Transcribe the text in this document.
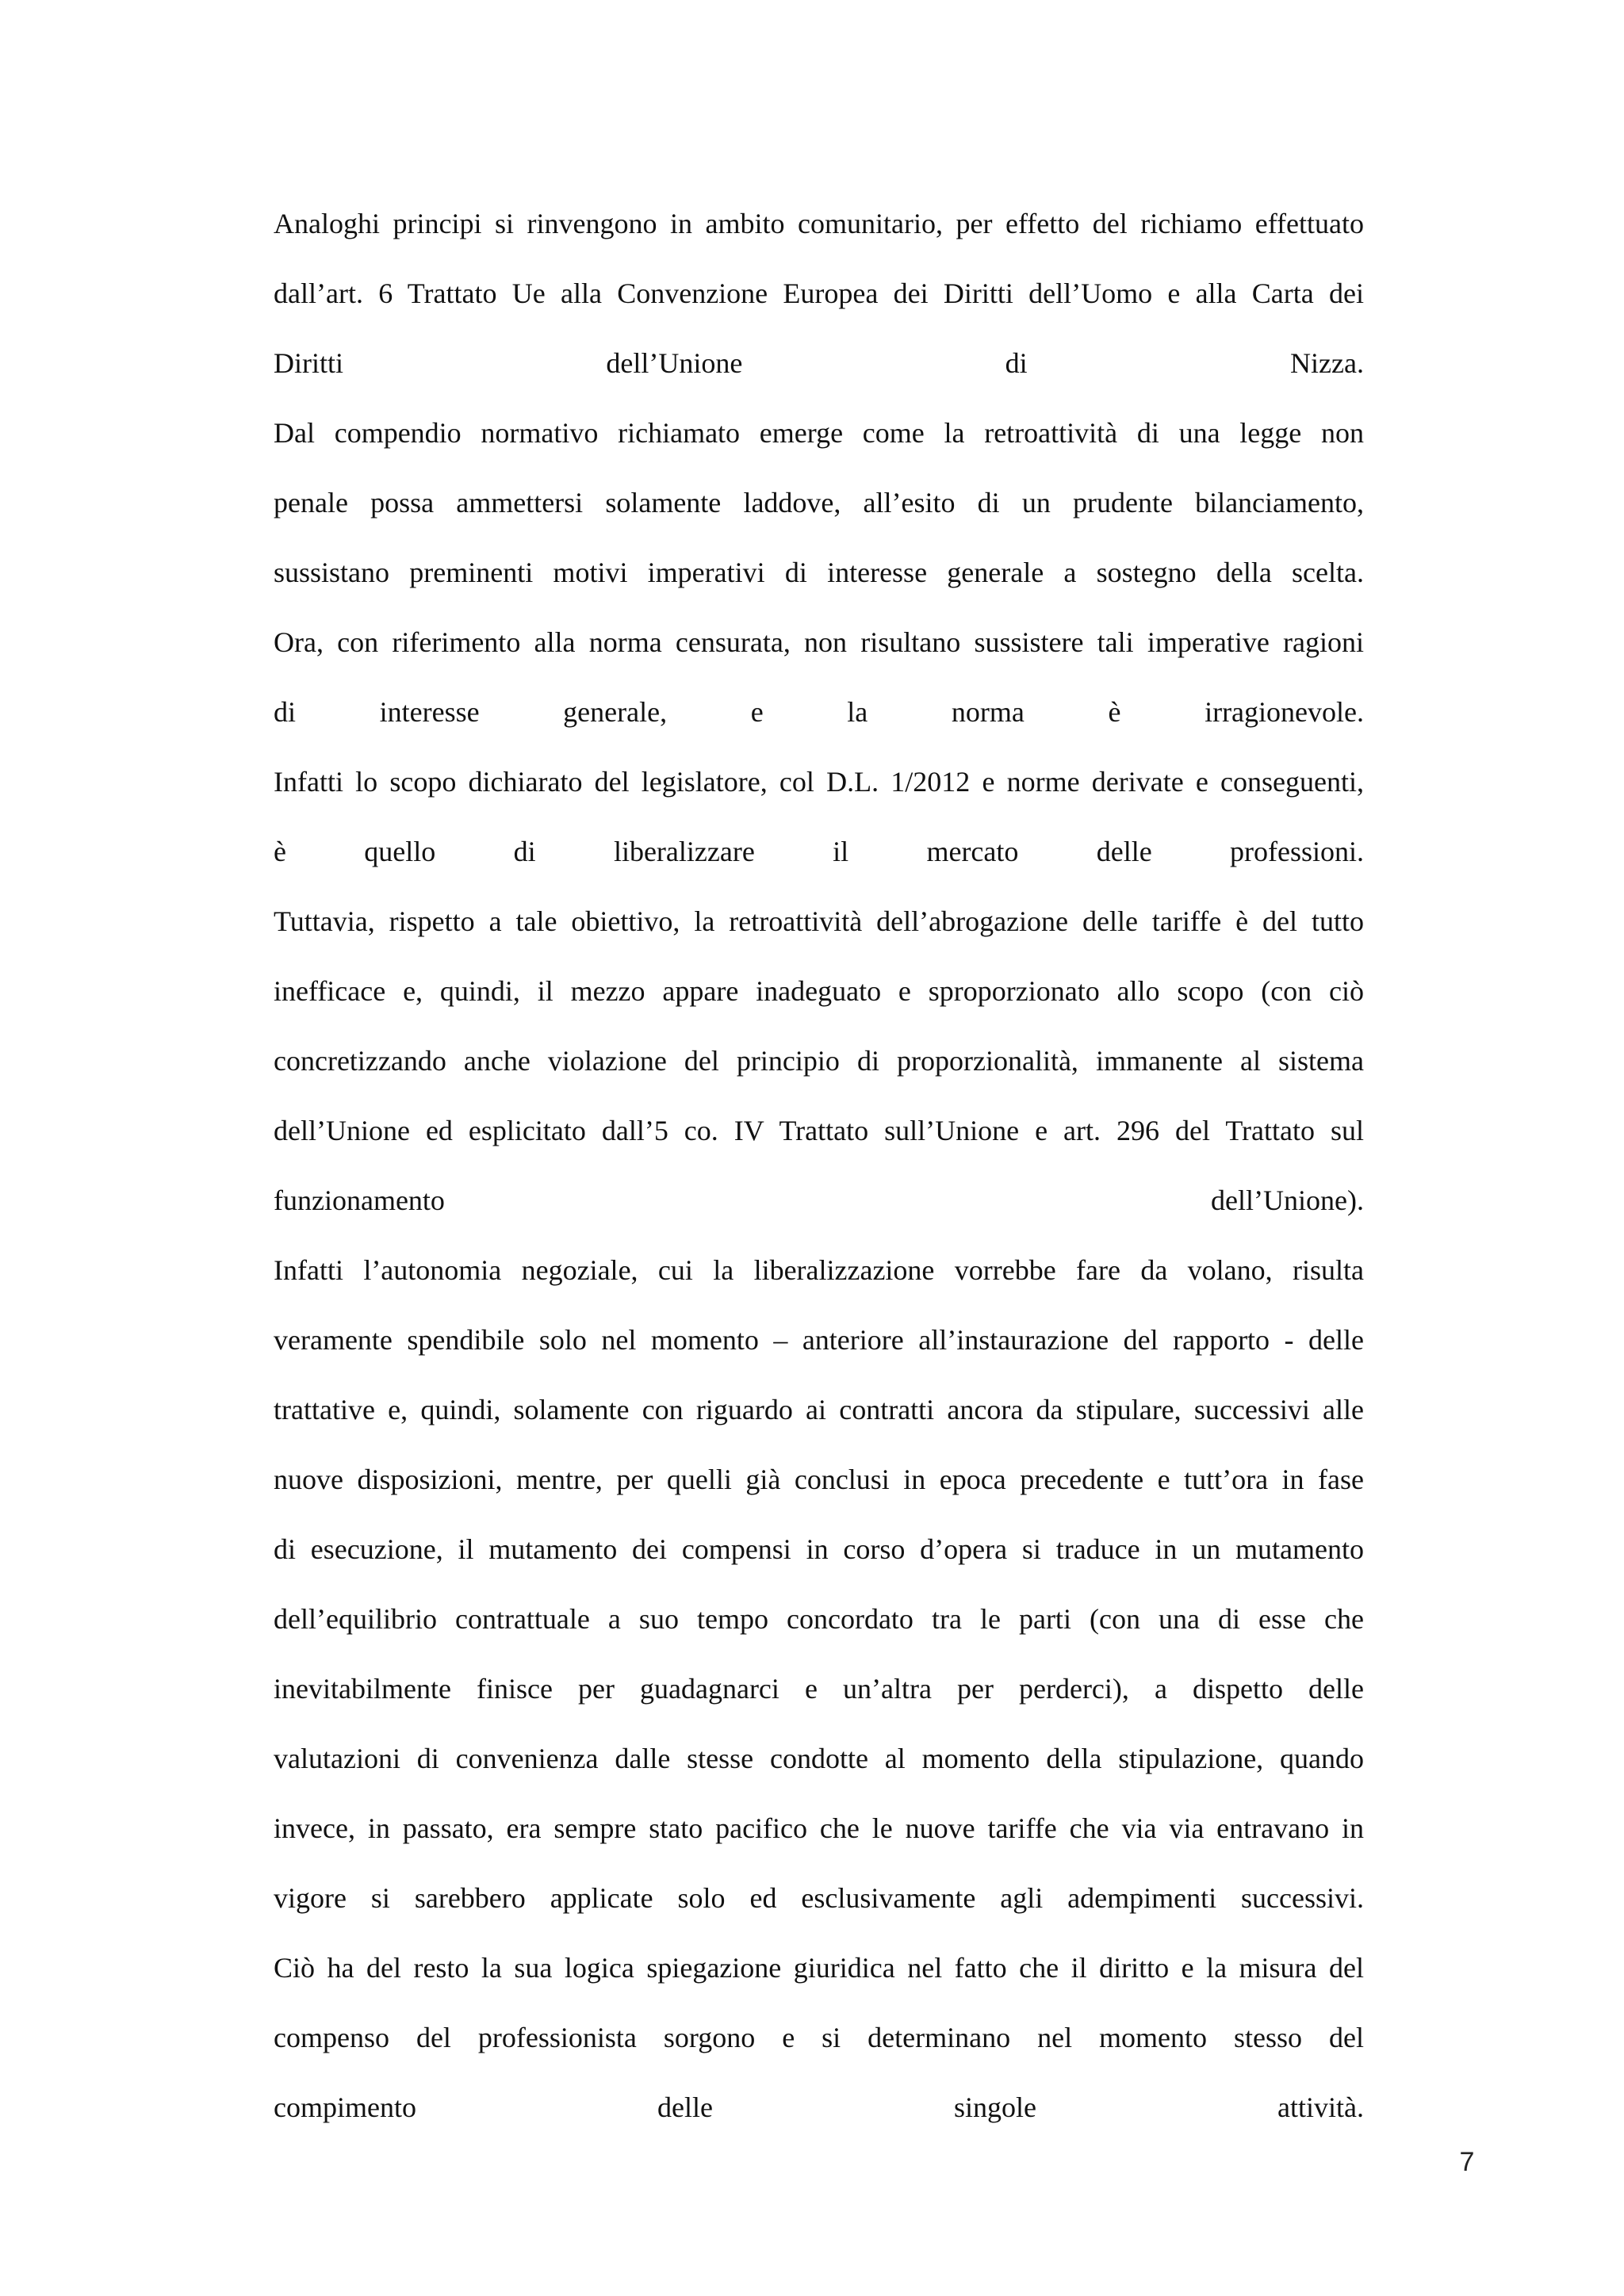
Analoghi principi si rinvengono in ambito comunitario, per effetto del richiamo effettuato
dall’art. 6 Trattato Ue alla Convenzione Europea dei Diritti dell’Uomo e alla Carta dei
Diritti dell’Unione di Nizza.
Dal compendio normativo richiamato emerge come la retroattività di una legge non
penale possa ammettersi solamente laddove, all’esito di un prudente bilanciamento,
sussistano preminenti motivi imperativi di interesse generale a sostegno della scelta.
Ora, con riferimento alla norma censurata, non risultano sussistere tali imperative ragioni
di interesse generale, e la norma è irragionevole.
Infatti lo scopo dichiarato del legislatore, col D.L. 1/2012 e norme derivate e conseguenti,
è quello di liberalizzare il mercato delle professioni.
Tuttavia, rispetto a tale obiettivo, la retroattività dell’abrogazione delle tariffe è del tutto
inefficace e, quindi, il mezzo appare inadeguato e sproporzionato allo scopo (con ciò
concretizzando anche violazione del principio di proporzionalità, immanente al sistema
dell’Unione ed esplicitato dall’5 co. IV Trattato sull’Unione e art. 296 del Trattato sul
funzionamento dell’Unione).
Infatti l’autonomia negoziale, cui la liberalizzazione vorrebbe fare da volano, risulta
veramente spendibile solo nel momento – anteriore all’instaurazione del rapporto - delle
trattative e, quindi, solamente con riguardo ai contratti ancora da stipulare, successivi alle
nuove disposizioni, mentre, per quelli già conclusi in epoca precedente e tutt’ora in fase
di esecuzione, il mutamento dei compensi in corso d’opera si traduce in un mutamento
dell’equilibrio contrattuale a suo tempo concordato tra le parti (con una di esse che
inevitabilmente finisce per guadagnarci e un’altra per perderci), a dispetto delle
valutazioni di convenienza dalle stesse condotte al momento della stipulazione, quando
invece, in passato, era sempre stato pacifico che le nuove tariffe che via via entravano in
vigore si sarebbero applicate solo ed esclusivamente agli adempimenti successivi.
Ciò ha del resto la sua logica spiegazione giuridica nel fatto che il diritto e la misura del
compenso del professionista sorgono e si determinano nel momento stesso del
compimento delle singole attività.
7
